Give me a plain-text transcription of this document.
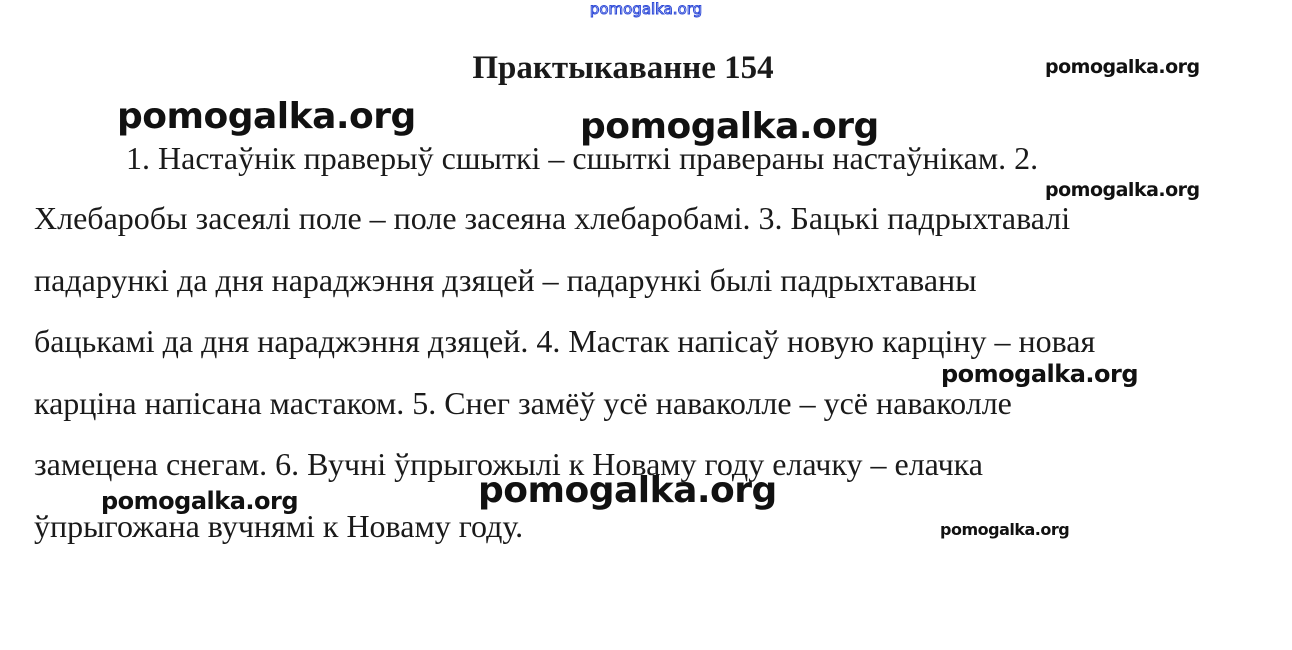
pomogalka.org
Практыкаванне 154
1. Настаўнік праверыў сшыткі – сшыткі правераны настаўнікам. 2.
Хлебаробы засеялі поле – поле засеяна хлебаробамі. 3. Бацькі падрыхтавалі
падарункі да дня нараджэння дзяцей – падарункі былі падрыхтаваны
бацькамі да дня нараджэння дзяцей. 4. Мастак напісаў новую карціну – новая
карціна напісана мастаком. 5. Снег замёў усё наваколле – усё наваколле
замецена снегам. 6. Вучні ўпрыгожылі к Новаму году елачку – елачка
ўпрыгожана вучнямі к Новаму году.
pomogalka.org
pomogalka.org	pomogalka.org
pomogalka.org
pomogalka.org
pomogalka.org
pomogalka.org
pomogalka.org
